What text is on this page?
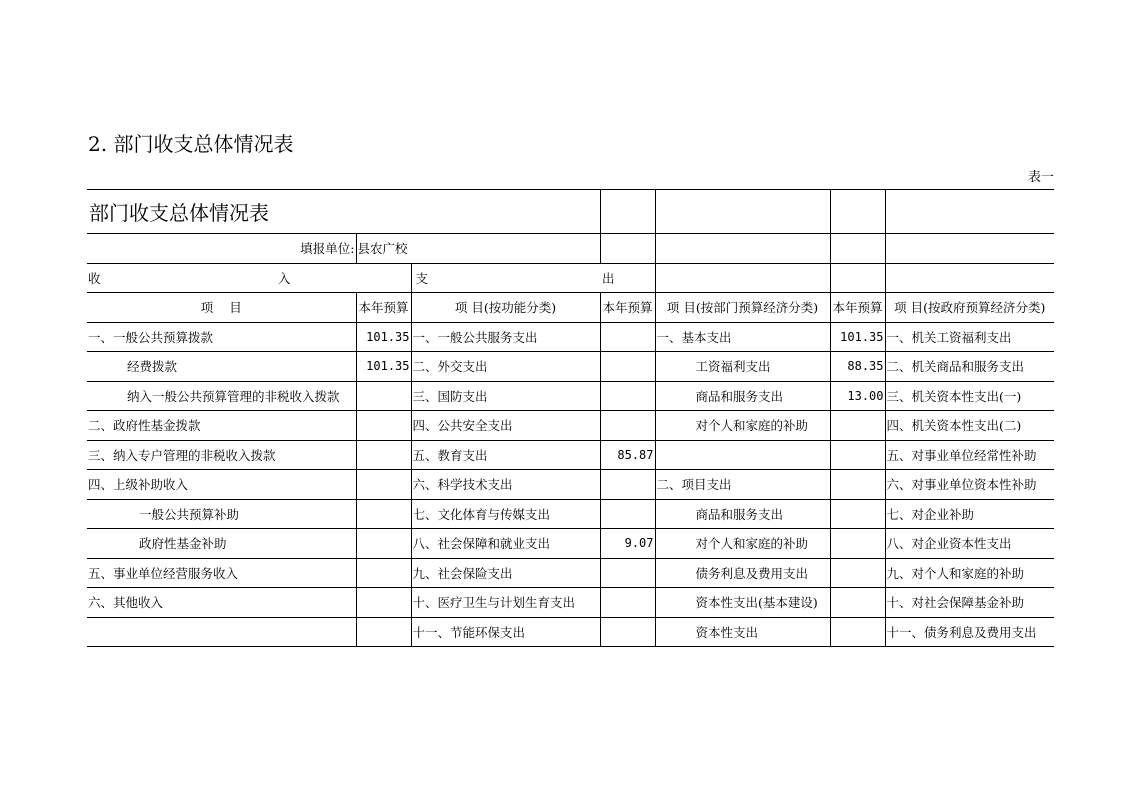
2. 部门收支总体情况表
表一
部门收支总体情况表						
填报单位:	县农广校					

收 入		支 出				

项    目	本年预算	项 目(按功能分类)	本年预算	项 目(按部门预算经济分类)	本年预算	项 目(按政府预算经济分类)
一、一般公共预算拨款	101.35	一、一般公共服务支出		一、基本支出	101.35	一、机关工资福利支出
经费拨款	101.35	二、外交支出		工资福利支出	88.35	二、机关商品和服务支出
纳入一般公共预算管理的非税收入拨款		三、国防支出		商品和服务支出	13.00	三、机关资本性支出(一)
二、政府性基金拨款		四、公共安全支出		对个人和家庭的补助		四、机关资本性支出(二)
三、纳入专户管理的非税收入拨款		五、教育支出	85.87			五、对事业单位经常性补助
四、上级补助收入		六、科学技术支出		二、项目支出		六、对事业单位资本性补助
一般公共预算补助		七、文化体育与传媒支出		商品和服务支出		七、对企业补助
政府性基金补助		八、社会保障和就业支出	9.07	对个人和家庭的补助		八、对企业资本性支出
五、事业单位经营服务收入		九、社会保险支出		债务利息及费用支出		九、对个人和家庭的补助
六、其他收入		十、医疗卫生与计划生育支出		资本性支出(基本建设)		十、对社会保障基金补助
		十一、节能环保支出		资本性支出		十一、债务利息及费用支出
